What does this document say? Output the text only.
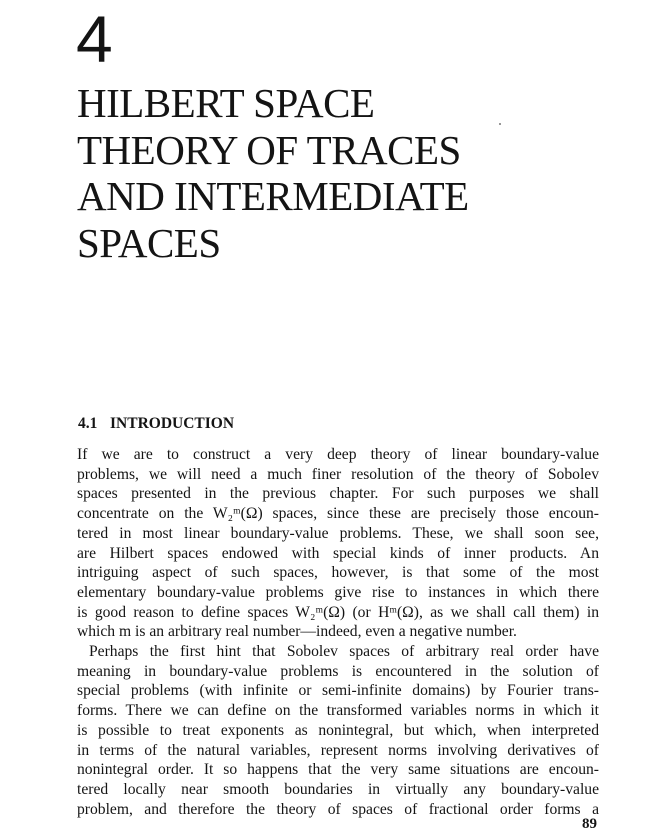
4
HILBERT SPACE
THEORY OF TRACES
AND INTERMEDIATE
SPACES
4.1 INTRODUCTION

If we are to construct a very deep theory of linear boundary-value
problems, we will need a much finer resolution of the theory of Sobolev
spaces presented in the previous chapter. For such purposes we shall
concentrate on the W₂ᵐ(Ω) spaces, since these are precisely those encoun-
tered in most linear boundary-value problems. These, we shall soon see,
are Hilbert spaces endowed with special kinds of inner products. An
intriguing aspect of such spaces, however, is that some of the most
elementary boundary-value problems give rise to instances in which there
is good reason to define spaces W₂ᵐ(Ω) (or Hᵐ(Ω), as we shall call them) in
which m is an arbitrary real number—indeed, even a negative number.

Perhaps the first hint that Sobolev spaces of arbitrary real order have
meaning in boundary-value problems is encountered in the solution of
special problems (with infinite or semi-infinite domains) by Fourier trans-
forms. There we can define on the transformed variables norms in which it
is possible to treat exponents as nonintegral, but which, when interpreted
in terms of the natural variables, represent norms involving derivatives of
nonintegral order. It so happens that the very same situations are encoun-
tered locally near smooth boundaries in virtually any boundary-value
problem, and therefore the theory of spaces of fractional order forms a

89
